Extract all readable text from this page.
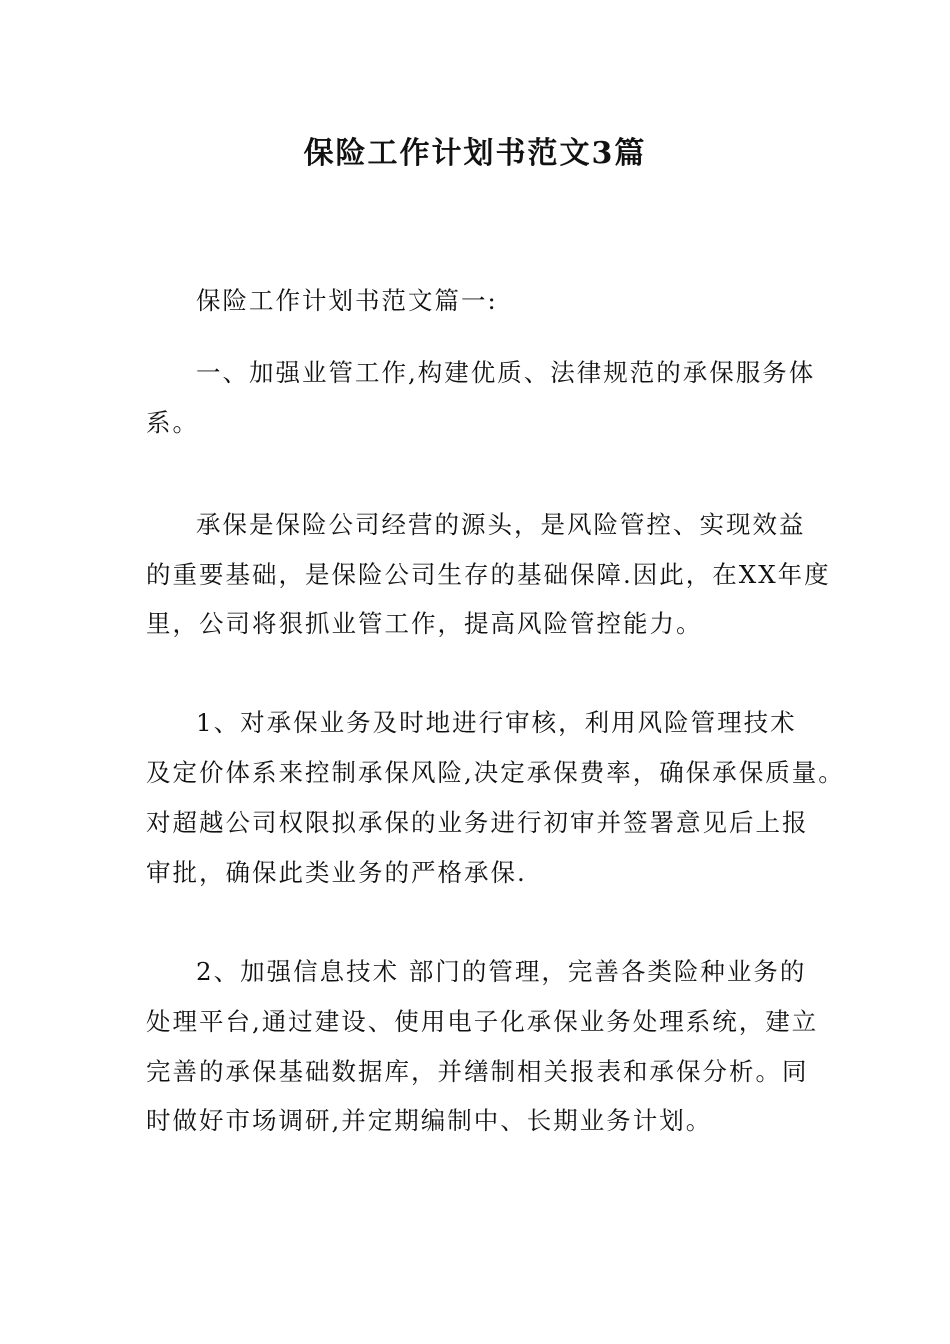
保险工作计划书范文3篇

保险工作计划书范文篇一:

一、加强业管工作,构建优质、法律规范的承保服务体

系。

承保是保险公司经营的源头，是风险管控、实现效益

的重要基础，是保险公司生存的基础保障.因此，在XX年度

里，公司将狠抓业管工作，提高风险管控能力。

1、对承保业务及时地进行审核，利用风险管理技术

及定价体系来控制承保风险,决定承保费率，确保承保质量。

对超越公司权限拟承保的业务进行初审并签署意见后上报

审批，确保此类业务的严格承保.

2、加强信息技术 部门的管理，完善各类险种业务的

处理平台,通过建设、使用电子化承保业务处理系统，建立

完善的承保基础数据库，并缮制相关报表和承保分析。同

时做好市场调研,并定期编制中、长期业务计划。
